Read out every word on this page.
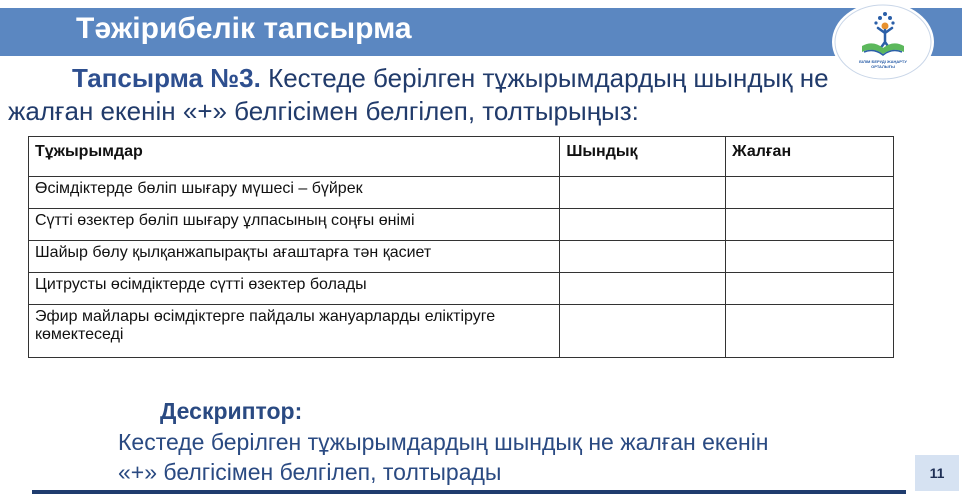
Тәжірибелік тапсырма
БІЛІМ БЕРУДІ ЖАҢАРТУ
ОРТАЛЫҒЫ
Тапсырма №3. Кестеде берілген тұжырымдардың шындық не
жалған екенін «+» белгісімен белгілеп, толтырыңыз:
Тұжырымдар	Шындық	Жалған
Өсімдіктерде бөліп шығару мүшесі – бүйрек		
Сүтті өзектер бөліп шығару ұлпасының соңғы өнімі		
Шайыр бөлу қылқанжапырақты ағаштарға тән қасиет		
Цитрусты өсімдіктерде сүтті өзектер болады		
Эфир майлары өсімдіктерге пайдалы жануарларды еліктіруге көмектеседі		
Дескриптор:
Кестеде берілген тұжырымдардың шындық не жалған екенін
«+» белгісімен белгілеп, толтырады	11
